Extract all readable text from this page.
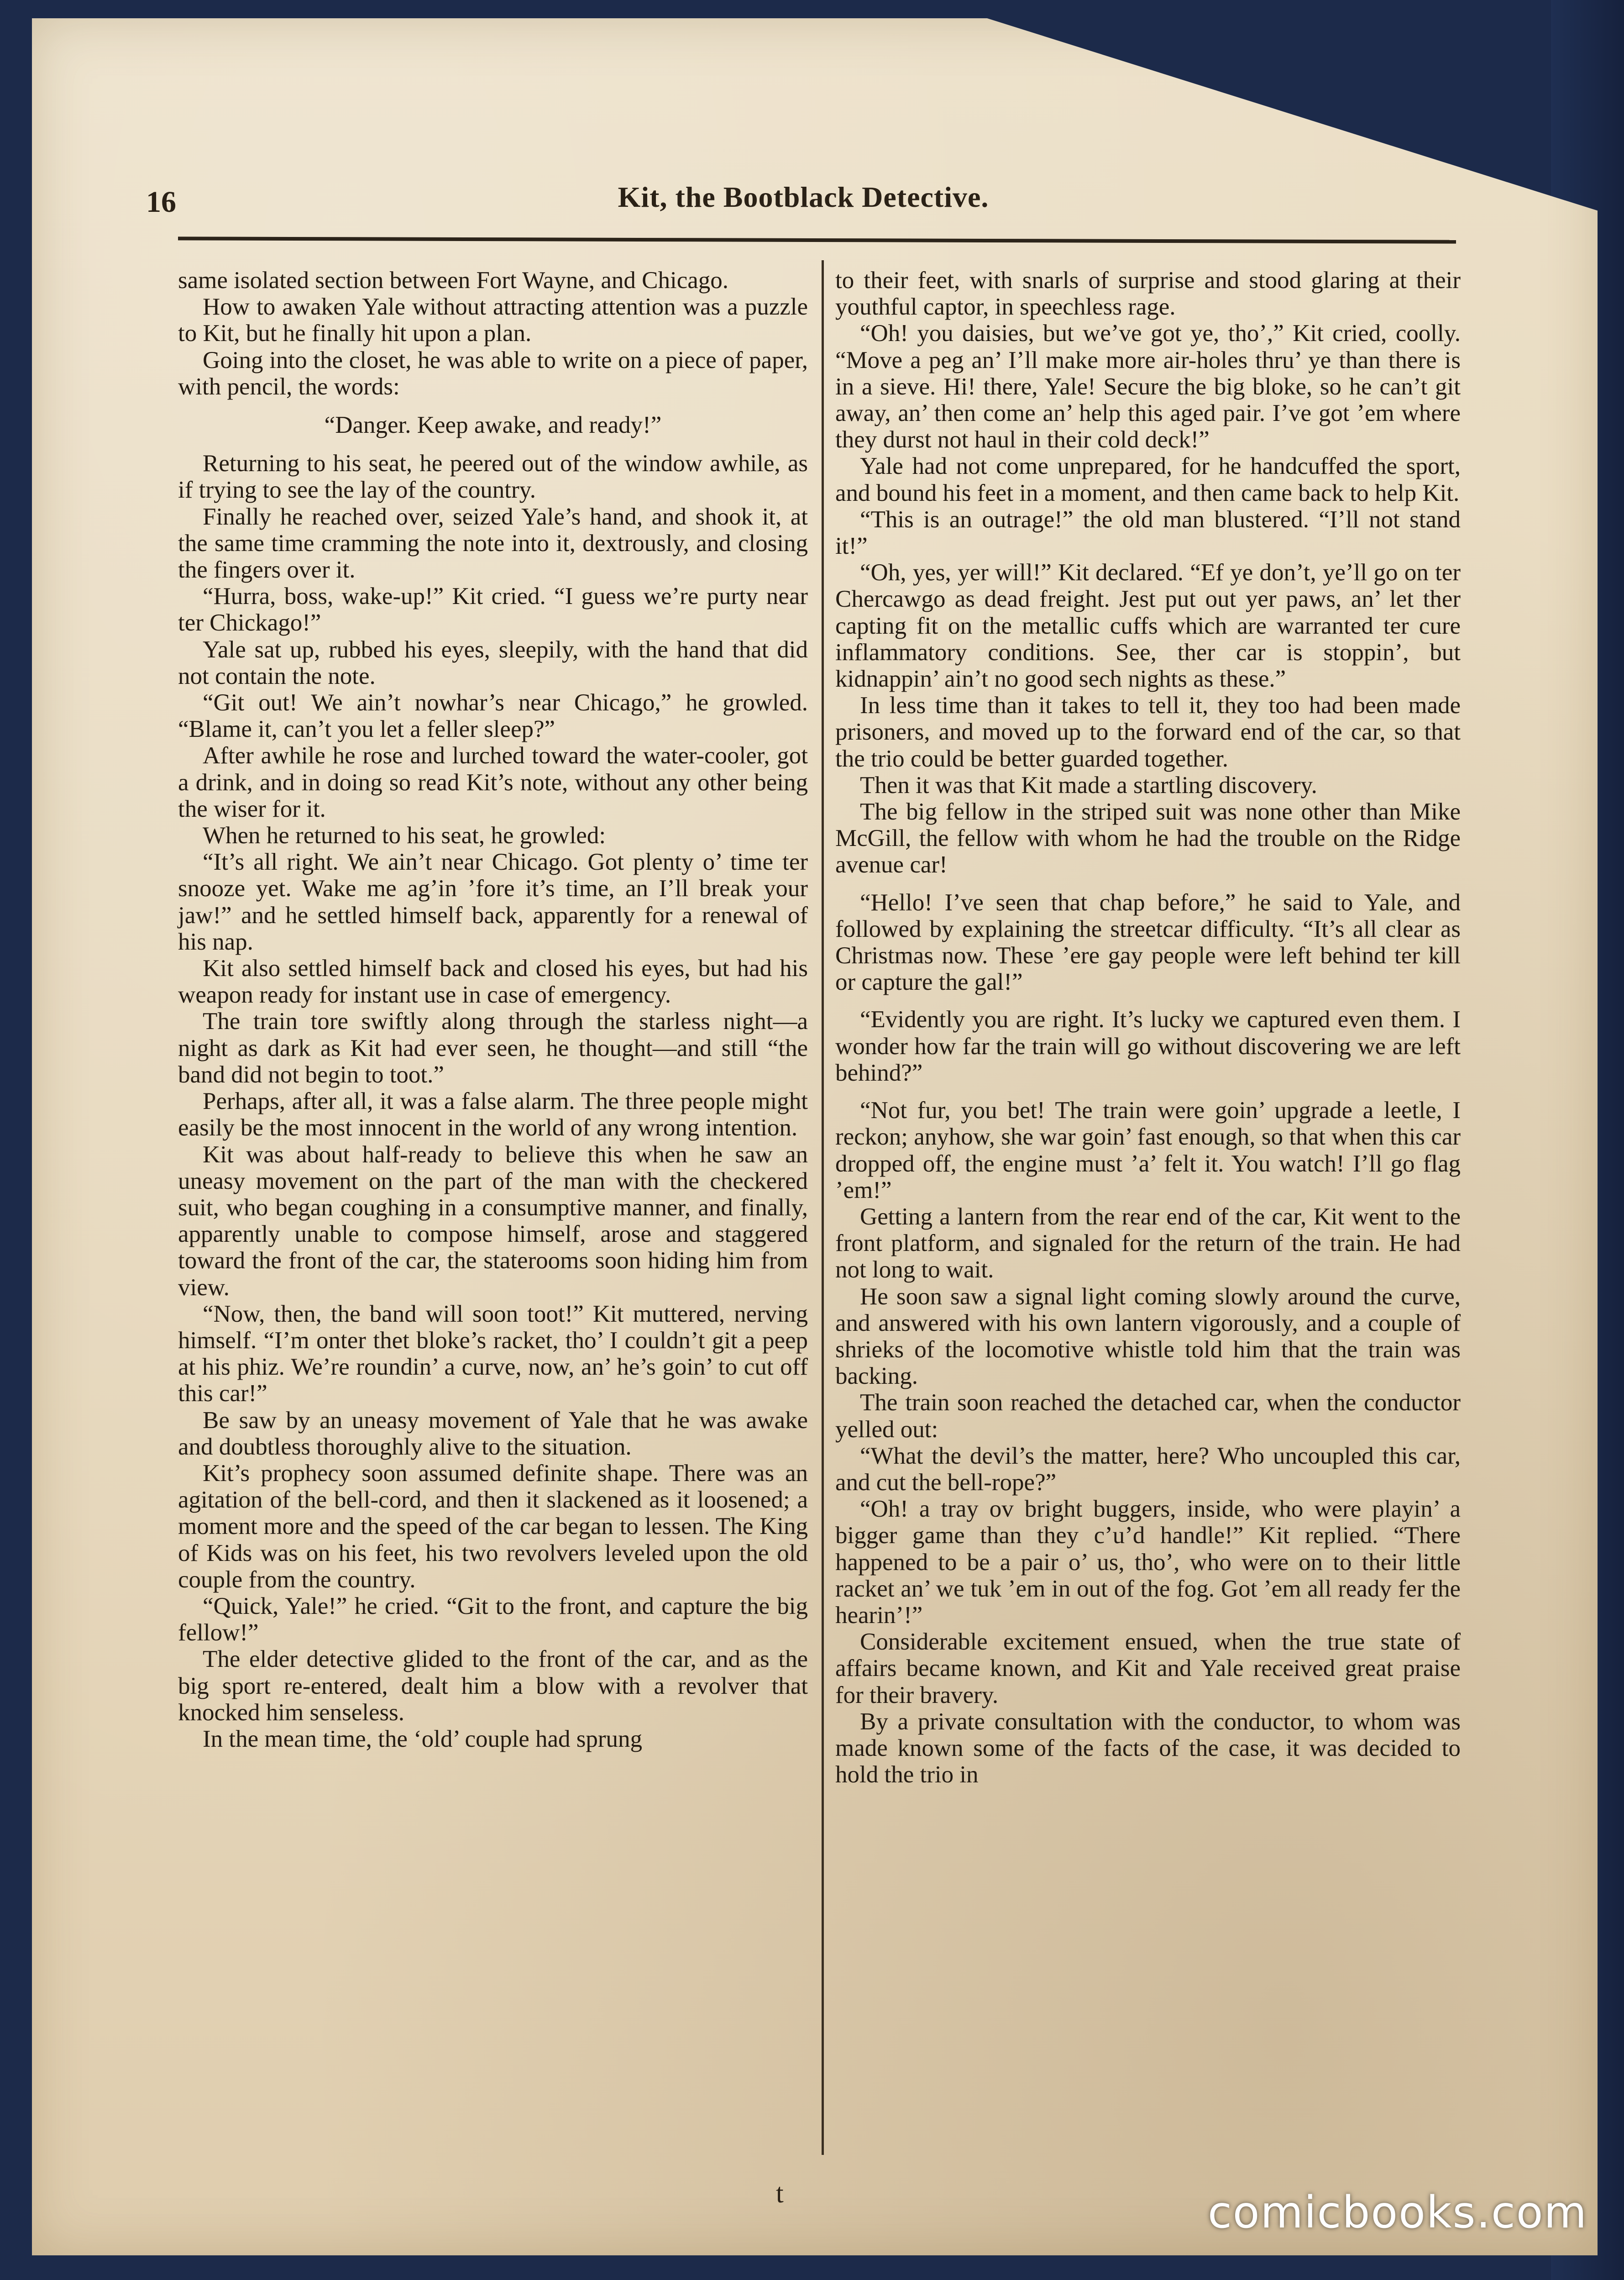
16	Kit, the Bootblack Detective.

same isolated section between Fort Wayne, and Chicago.

How to awaken Yale without attracting attention was a puzzle to Kit, but he finally hit upon a plan.

Going into the closet, he was able to write on a piece of paper, with pencil, the words:

“Danger. Keep awake, and ready!”

Returning to his seat, he peered out of the window awhile, as if trying to see the lay of the country.

Finally he reached over, seized Yale’s hand, and shook it, at the same time cramming the note into it, dextrously, and closing the fingers over it.

“Hurra, boss, wake-up!” Kit cried. “I guess we’re purty near ter Chickago!”

Yale sat up, rubbed his eyes, sleepily, with the hand that did not contain the note.

“Git out! We ain’t nowhar’s near Chicago,” he growled. “Blame it, can’t you let a feller sleep?”

After awhile he rose and lurched toward the water-cooler, got a drink, and in doing so read Kit’s note, without any other being the wiser for it.

When he returned to his seat, he growled:

“It’s all right. We ain’t near Chicago. Got plenty o’ time ter snooze yet. Wake me ag’in ’fore it’s time, an I’ll break your jaw!” and he settled himself back, apparently for a renewal of his nap.

Kit also settled himself back and closed his eyes, but had his weapon ready for instant use in case of emergency.

The train tore swiftly along through the starless night—a night as dark as Kit had ever seen, he thought—and still “the band did not begin to toot.”

Perhaps, after all, it was a false alarm. The three people might easily be the most innocent in the world of any wrong intention.

Kit was about half-ready to believe this when he saw an uneasy movement on the part of the man with the checkered suit, who began coughing in a consumptive manner, and finally, apparently unable to compose himself, arose and staggered toward the front of the car, the staterooms soon hiding him from view.

“Now, then, the band will soon toot!” Kit muttered, nerving himself. “I’m onter thet bloke’s racket, tho’ I couldn’t git a peep at his phiz. We’re roundin’ a curve, now, an’ he’s goin’ to cut off this car!”

Be saw by an uneasy movement of Yale that he was awake and doubtless thoroughly alive to the situation.

Kit’s prophecy soon assumed definite shape. There was an agitation of the bell-cord, and then it slackened as it loosened; a moment more and the speed of the car began to lessen. The King of Kids was on his feet, his two revolvers leveled upon the old couple from the country.

“Quick, Yale!” he cried. “Git to the front, and capture the big fellow!”

The elder detective glided to the front of the car, and as the big sport re-entered, dealt him a blow with a revolver that knocked him senseless.

In the mean time, the ‘old’ couple had sprung

to their feet, with snarls of surprise and stood glaring at their youthful captor, in speechless rage.

“Oh! you daisies, but we’ve got ye, tho’,” Kit cried, coolly. “Move a peg an’ I’ll make more air-holes thru’ ye than there is in a sieve. Hi! there, Yale! Secure the big bloke, so he can’t git away, an’ then come an’ help this aged pair. I’ve got ’em where they durst not haul in their cold deck!”

Yale had not come unprepared, for he handcuffed the sport, and bound his feet in a moment, and then came back to help Kit.

“This is an outrage!” the old man blustered. “I’ll not stand it!”

“Oh, yes, yer will!” Kit declared. “Ef ye don’t, ye’ll go on ter Chercawgo as dead freight. Jest put out yer paws, an’ let ther capting fit on the metallic cuffs which are warranted ter cure inflammatory conditions. See, ther car is stoppin’, but kidnappin’ ain’t no good sech nights as these.”

In less time than it takes to tell it, they too had been made prisoners, and moved up to the forward end of the car, so that the trio could be better guarded together.

Then it was that Kit made a startling discovery.

The big fellow in the striped suit was none other than Mike McGill, the fellow with whom he had the trouble on the Ridge avenue car!

“Hello! I’ve seen that chap before,” he said to Yale, and followed by explaining the streetcar difficulty. “It’s all clear as Christmas now. These ’ere gay people were left behind ter kill or capture the gal!”

“Evidently you are right. It’s lucky we captured even them. I wonder how far the train will go without discovering we are left behind?”

“Not fur, you bet! The train were goin’ upgrade a leetle, I reckon; anyhow, she war goin’ fast enough, so that when this car dropped off, the engine must ’a’ felt it. You watch! I’ll go flag ’em!”

Getting a lantern from the rear end of the car, Kit went to the front platform, and signaled for the return of the train. He had not long to wait.

He soon saw a signal light coming slowly around the curve, and answered with his own lantern vigorously, and a couple of shrieks of the locomotive whistle told him that the train was backing.

The train soon reached the detached car, when the conductor yelled out:

“What the devil’s the matter, here? Who uncoupled this car, and cut the bell-rope?”

“Oh! a tray ov bright buggers, inside, who were playin’ a bigger game than they c’u’d handle!” Kit replied. “There happened to be a pair o’ us, tho’, who were on to their little racket an’ we tuk ’em in out of the fog. Got ’em all ready fer the hearin’!”

Considerable excitement ensued, when the true state of affairs became known, and Kit and Yale received great praise for their bravery.

By a private consultation with the conductor, to whom was made known some of the facts of the case, it was decided to hold the trio in

t	comicbooks.com
